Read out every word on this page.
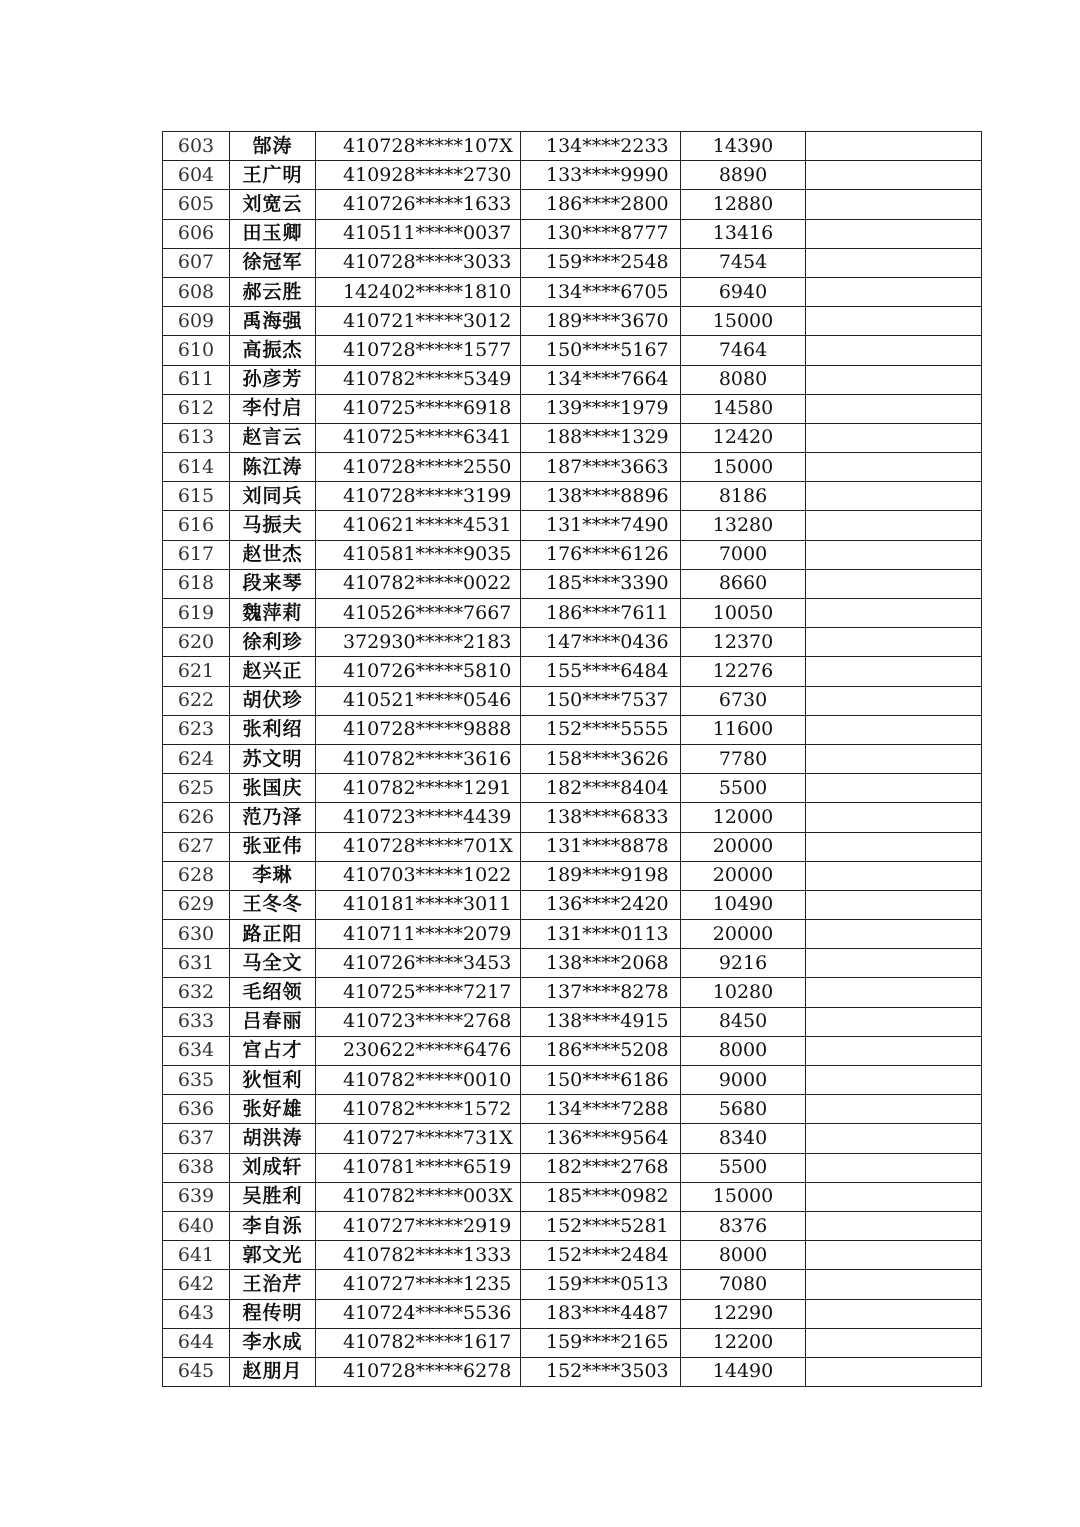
603	郜涛	410728*****107X	134****2233	14390	
604	王广明	410928*****2730	133****9990	8890	
605	刘宽云	410726*****1633	186****2800	12880	
606	田玉卿	410511*****0037	130****8777	13416	
607	徐冠军	410728*****3033	159****2548	7454	
608	郝云胜	142402*****1810	134****6705	6940	
609	禹海强	410721*****3012	189****3670	15000	
610	高振杰	410728*****1577	150****5167	7464	
611	孙彦芳	410782*****5349	134****7664	8080	
612	李付启	410725*****6918	139****1979	14580	
613	赵言云	410725*****6341	188****1329	12420	
614	陈江涛	410728*****2550	187****3663	15000	
615	刘同兵	410728*****3199	138****8896	8186	
616	马振夫	410621*****4531	131****7490	13280	
617	赵世杰	410581*****9035	176****6126	7000	
618	段来琴	410782*****0022	185****3390	8660	
619	魏萍莉	410526*****7667	186****7611	10050	
620	徐利珍	372930*****2183	147****0436	12370	
621	赵兴正	410726*****5810	155****6484	12276	
622	胡伏珍	410521*****0546	150****7537	6730	
623	张利绍	410728*****9888	152****5555	11600	
624	苏文明	410782*****3616	158****3626	7780	
625	张国庆	410782*****1291	182****8404	5500	
626	范乃泽	410723*****4439	138****6833	12000	
627	张亚伟	410728*****701X	131****8878	20000	
628	李琳	410703*****1022	189****9198	20000	
629	王冬冬	410181*****3011	136****2420	10490	
630	路正阳	410711*****2079	131****0113	20000	
631	马全文	410726*****3453	138****2068	9216	
632	毛绍领	410725*****7217	137****8278	10280	
633	吕春丽	410723*****2768	138****4915	8450	
634	宫占才	230622*****6476	186****5208	8000	
635	狄恒利	410782*****0010	150****6186	9000	
636	张好雄	410782*****1572	134****7288	5680	
637	胡洪涛	410727*****731X	136****9564	8340	
638	刘成轩	410781*****6519	182****2768	5500	
639	吴胜利	410782*****003X	185****0982	15000	
640	李自泺	410727*****2919	152****5281	8376	
641	郭文光	410782*****1333	152****2484	8000	
642	王治芹	410727*****1235	159****0513	7080	
643	程传明	410724*****5536	183****4487	12290	
644	李水成	410782*****1617	159****2165	12200	
645	赵朋月	410728*****6278	152****3503	14490	
